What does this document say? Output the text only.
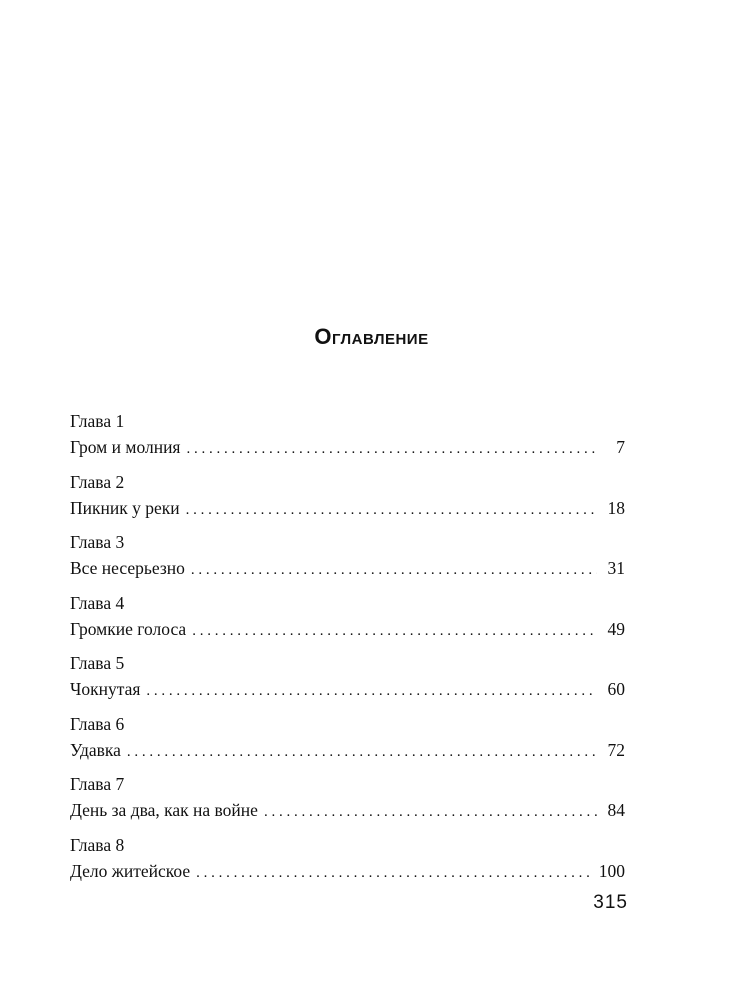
Оглавление
Глава 1
Гром и молния . . .	7
Глава 2
Пикник у реки . . .	18
Глава 3
Все несерьезно . . .	31
Глава 4
Громкие голоса . . .	49
Глава 5
Чокнутая . . .	60
Глава 6
Удавка . . .	72
Глава 7
День за два, как на войне . . .	84
Глава 8
Дело житейское . . .	100
315
